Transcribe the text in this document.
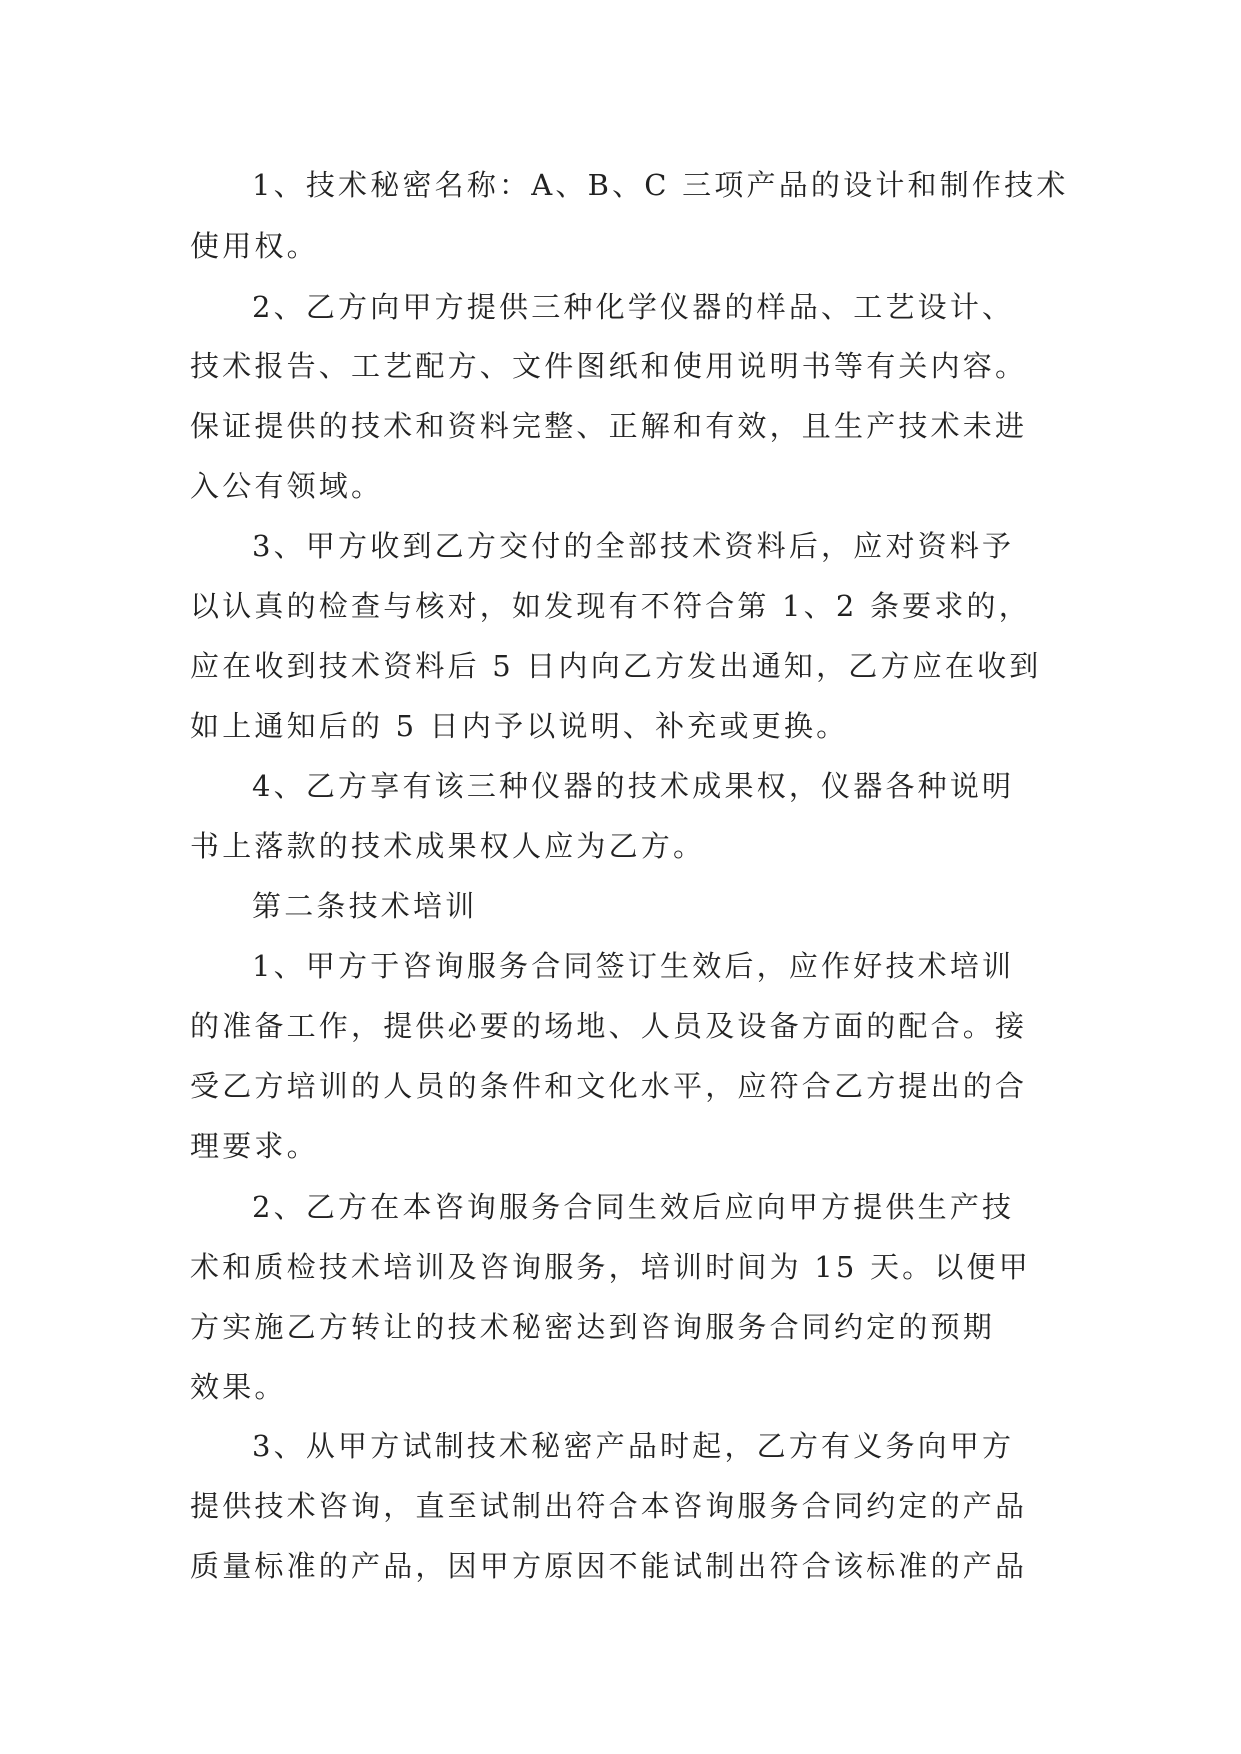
1、技术秘密名称：A、B、C 三项产品的设计和制作技术

使用权。

2、乙方向甲方提供三种化学仪器的样品、工艺设计、

技术报告、工艺配方、文件图纸和使用说明书等有关内容。

保证提供的技术和资料完整、正解和有效，且生产技术未进

入公有领域。

3、甲方收到乙方交付的全部技术资料后，应对资料予

以认真的检查与核对，如发现有不符合第 1、2 条要求的，

应在收到技术资料后 5 日内向乙方发出通知，乙方应在收到

如上通知后的 5 日内予以说明、补充或更换。

4、乙方享有该三种仪器的技术成果权，仪器各种说明

书上落款的技术成果权人应为乙方。

第二条技术培训

1、甲方于咨询服务合同签订生效后，应作好技术培训

的准备工作，提供必要的场地、人员及设备方面的配合。接

受乙方培训的人员的条件和文化水平，应符合乙方提出的合

理要求。

2、乙方在本咨询服务合同生效后应向甲方提供生产技

术和质检技术培训及咨询服务，培训时间为 15 天。以便甲

方实施乙方转让的技术秘密达到咨询服务合同约定的预期

效果。

3、从甲方试制技术秘密产品时起，乙方有义务向甲方

提供技术咨询，直至试制出符合本咨询服务合同约定的产品

质量标准的产品，因甲方原因不能试制出符合该标准的产品
